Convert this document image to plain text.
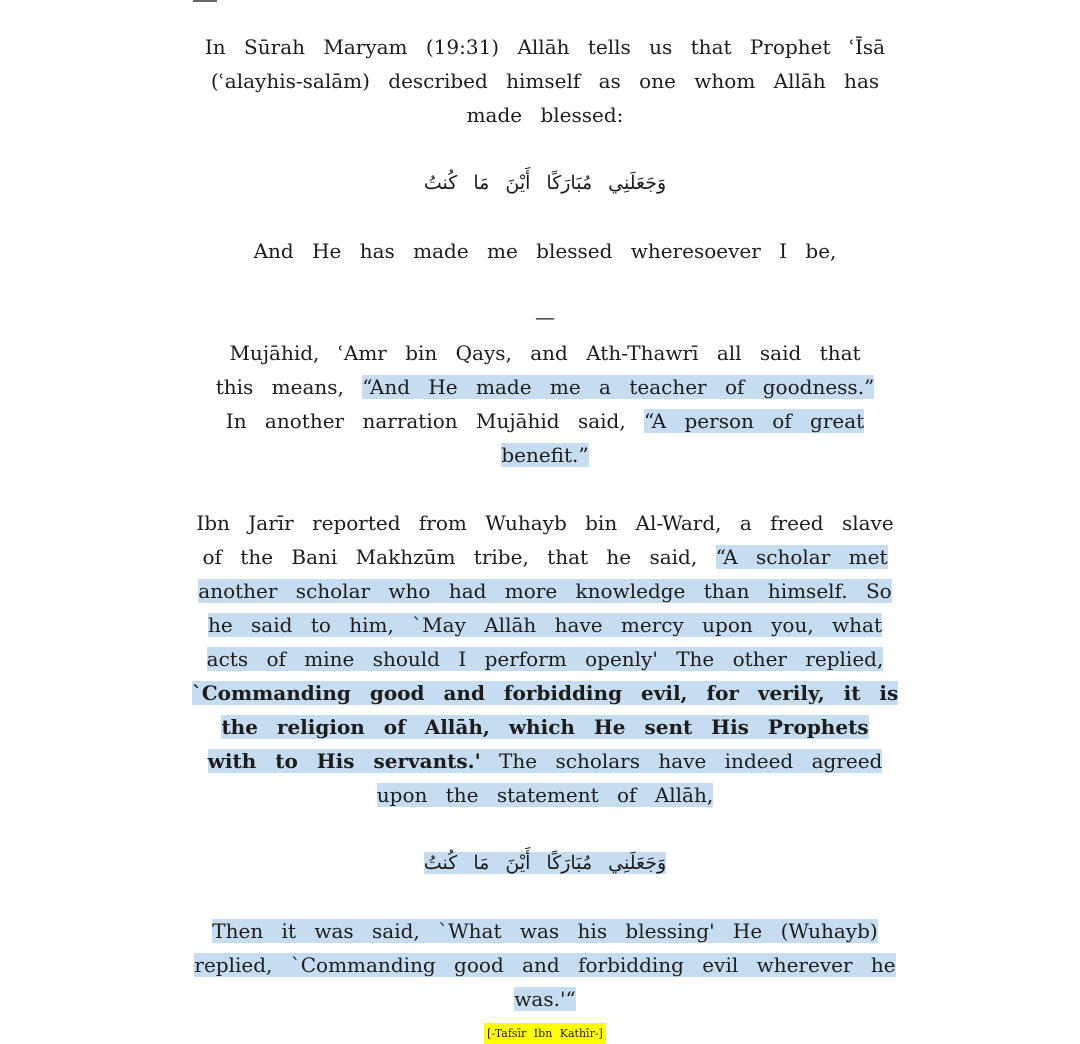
In Sūrah Maryam (19:31) Allāh tells us that Prophet ʿĪsā (ʿalayhis-salām) described himself as one whom Allāh has made blessed:

وَجَعَلَنِي مُبَارَكًا أَيْنَ مَا كُنتُ

And He has made me blessed wheresoever I be,

—

Mujāhid, ʿAmr bin Qays, and Ath-Thawrī all said that this means, “And He made me a teacher of goodness.” In another narration Mujāhid said, “A person of great benefit.”

Ibn Jarīr reported from Wuhayb bin Al-Ward, a freed slave of the Bani Makhzūm tribe, that he said, “A scholar met another scholar who had more knowledge than himself. So he said to him, `May Allāh have mercy upon you, what acts of mine should I perform openly' The other replied, `Commanding good and forbidding evil, for verily, it is the religion of Allāh, which He sent His Prophets with to His servants.' The scholars have indeed agreed upon the statement of Allāh,

وَجَعَلَنِي مُبَارَكًا أَيْنَ مَا كُنتُ

Then it was said, `What was his blessing' He (Wuhayb) replied, `Commanding good and forbidding evil wherever he was.'“

[-Tafsīr Ibn Kathīr-]
